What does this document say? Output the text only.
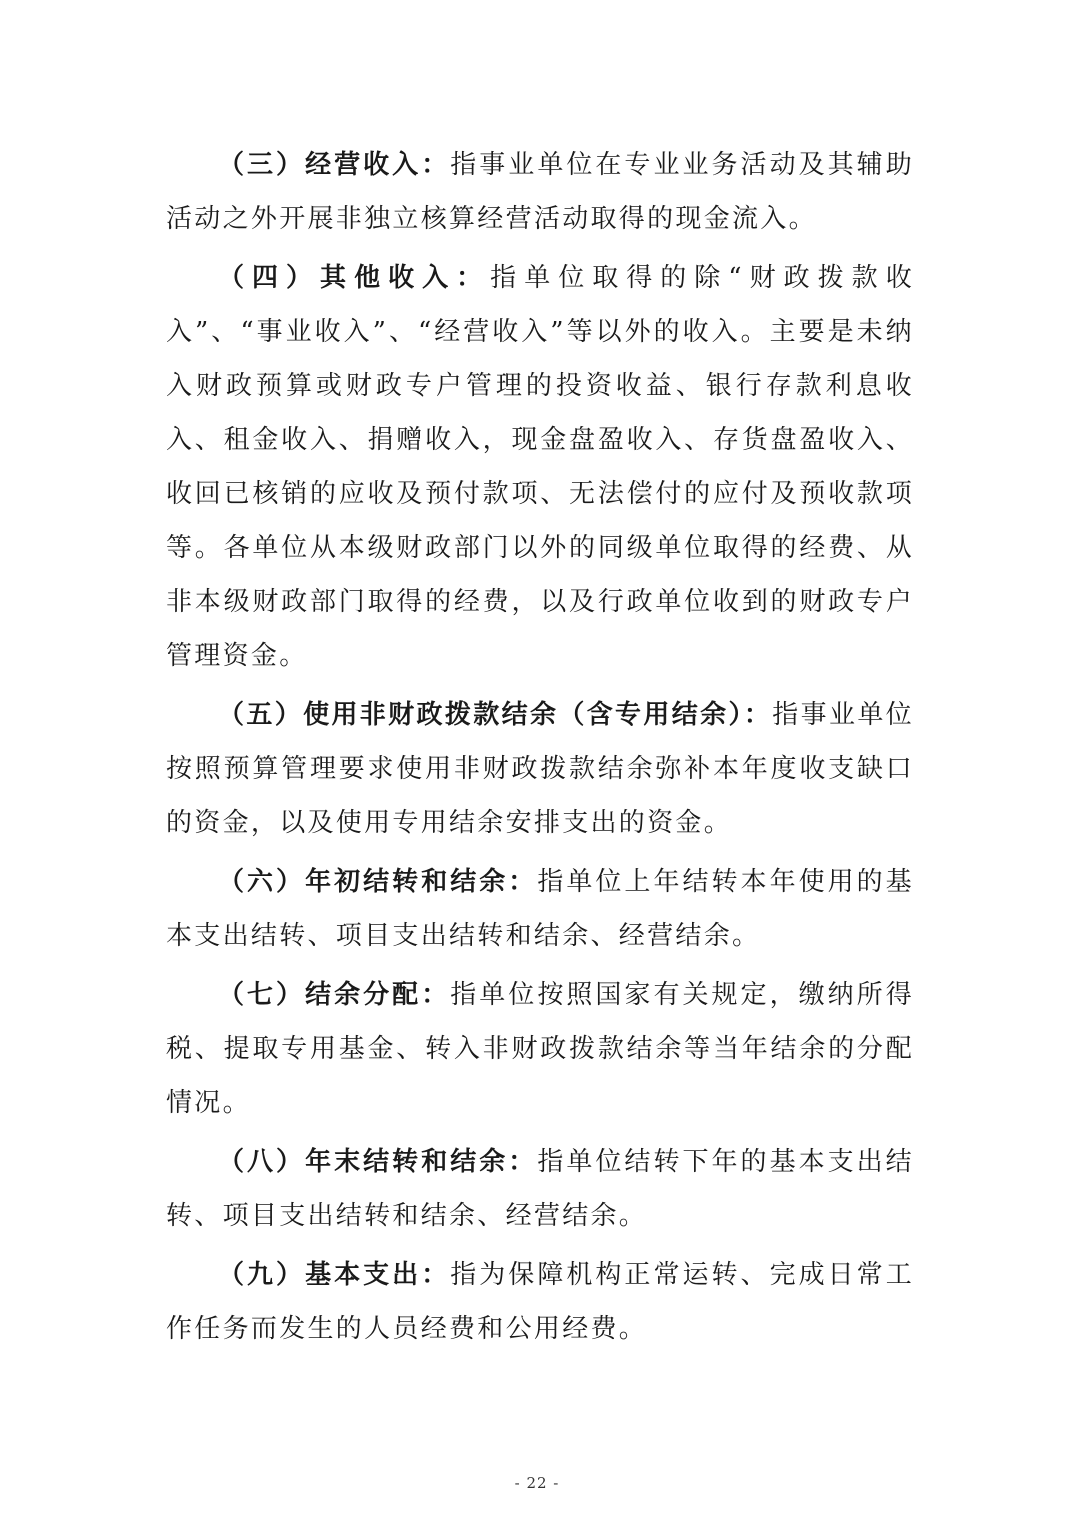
（三）经营收入：指事业单位在专业业务活动及其辅助活动之外开展非独立核算经营活动取得的现金流入。

（四）其他收入：指单位取得的除“财政拨款收入”、“事业收入”、“经营收入”等以外的收入。主要是未纳入财政预算或财政专户管理的投资收益、银行存款利息收入、租金收入、捐赠收入，现金盘盈收入、存货盘盈收入、收回已核销的应收及预付款项、无法偿付的应付及预收款项等。各单位从本级财政部门以外的同级单位取得的经费、从非本级财政部门取得的经费，以及行政单位收到的财政专户管理资金。

（五）使用非财政拨款结余（含专用结余）：指事业单位按照预算管理要求使用非财政拨款结余弥补本年度收支缺口的资金，以及使用专用结余安排支出的资金。

（六）年初结转和结余：指单位上年结转本年使用的基本支出结转、项目支出结转和结余、经营结余。

（七）结余分配：指单位按照国家有关规定，缴纳所得税、提取专用基金、转入非财政拨款结余等当年结余的分配情况。

（八）年末结转和结余：指单位结转下年的基本支出结转、项目支出结转和结余、经营结余。

（九）基本支出：指为保障机构正常运转、完成日常工作任务而发生的人员经费和公用经费。

- 22 -
